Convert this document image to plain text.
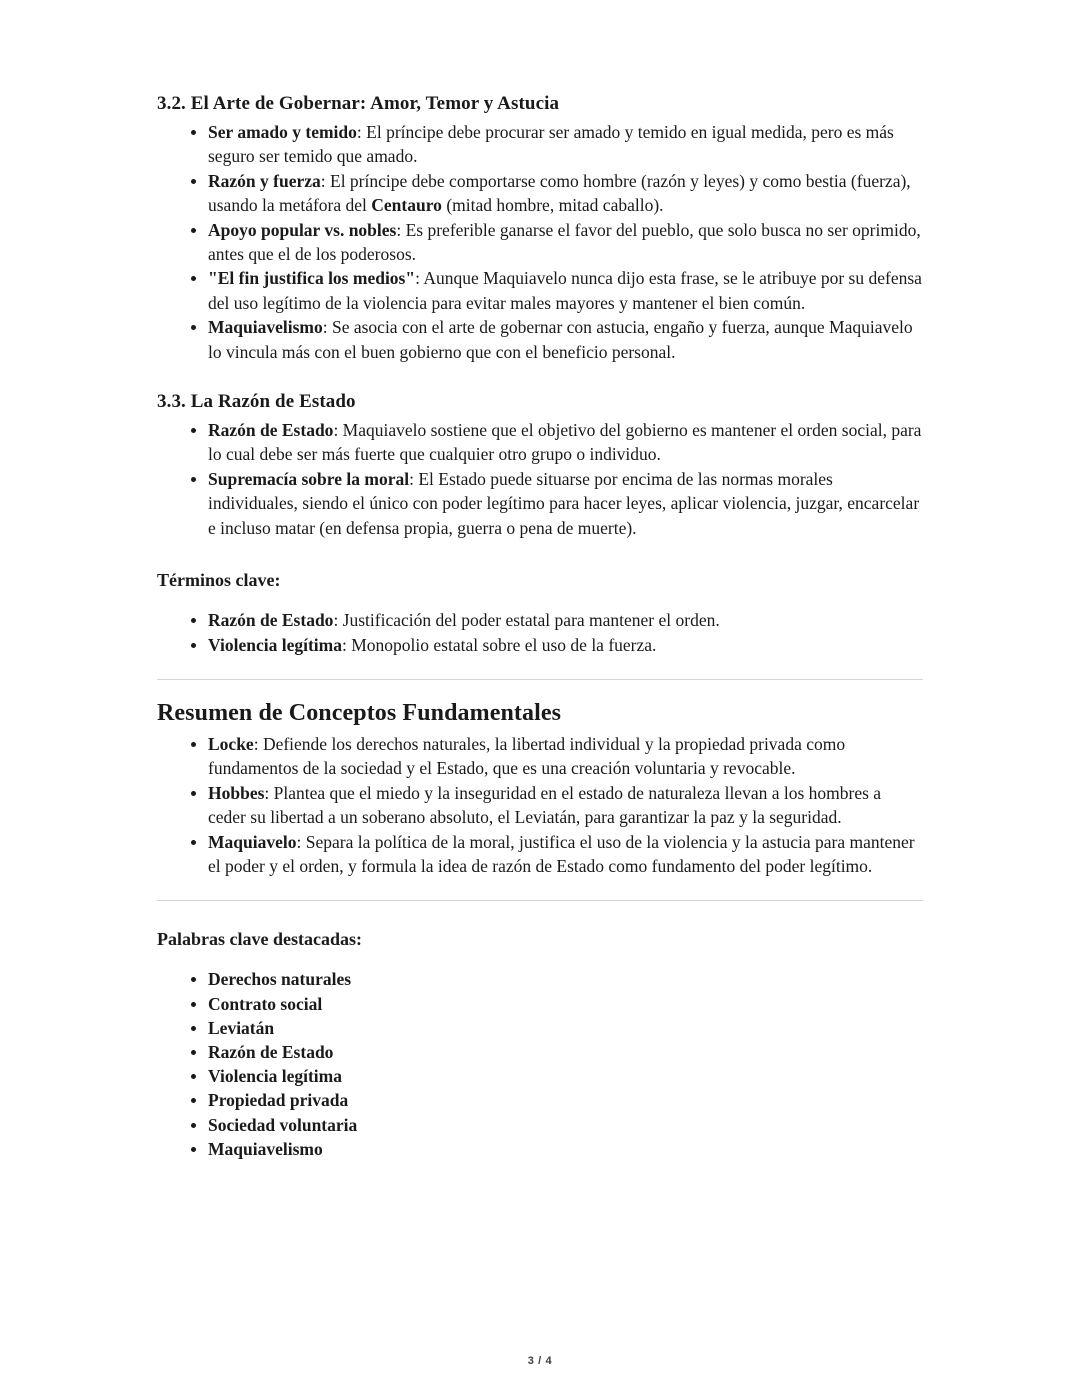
3.2. El Arte de Gobernar: Amor, Temor y Astucia
Ser amado y temido: El príncipe debe procurar ser amado y temido en igual medida, pero es más seguro ser temido que amado.
Razón y fuerza: El príncipe debe comportarse como hombre (razón y leyes) y como bestia (fuerza), usando la metáfora del Centauro (mitad hombre, mitad caballo).
Apoyo popular vs. nobles: Es preferible ganarse el favor del pueblo, que solo busca no ser oprimido, antes que el de los poderosos.
"El fin justifica los medios": Aunque Maquiavelo nunca dijo esta frase, se le atribuye por su defensa del uso legítimo de la violencia para evitar males mayores y mantener el bien común.
Maquiavelismo: Se asocia con el arte de gobernar con astucia, engaño y fuerza, aunque Maquiavelo lo vincula más con el buen gobierno que con el beneficio personal.
3.3. La Razón de Estado
Razón de Estado: Maquiavelo sostiene que el objetivo del gobierno es mantener el orden social, para lo cual debe ser más fuerte que cualquier otro grupo o individuo.
Supremacía sobre la moral: El Estado puede situarse por encima de las normas morales individuales, siendo el único con poder legítimo para hacer leyes, aplicar violencia, juzgar, encarcelar e incluso matar (en defensa propia, guerra o pena de muerte).

Términos clave:

Razón de Estado: Justificación del poder estatal para mantener el orden.
Violencia legítima: Monopolio estatal sobre el uso de la fuerza.
Resumen de Conceptos Fundamentales
Locke: Defiende los derechos naturales, la libertad individual y la propiedad privada como fundamentos de la sociedad y el Estado, que es una creación voluntaria y revocable.
Hobbes: Plantea que el miedo y la inseguridad en el estado de naturaleza llevan a los hombres a ceder su libertad a un soberano absoluto, el Leviatán, para garantizar la paz y la seguridad.
Maquiavelo: Separa la política de la moral, justifica el uso de la violencia y la astucia para mantener el poder y el orden, y formula la idea de razón de Estado como fundamento del poder legítimo.

Palabras clave destacadas:

Derechos naturales
Contrato social
Leviatán
Razón de Estado
Violencia legítima
Propiedad privada
Sociedad voluntaria
Maquiavelismo
3 / 4
